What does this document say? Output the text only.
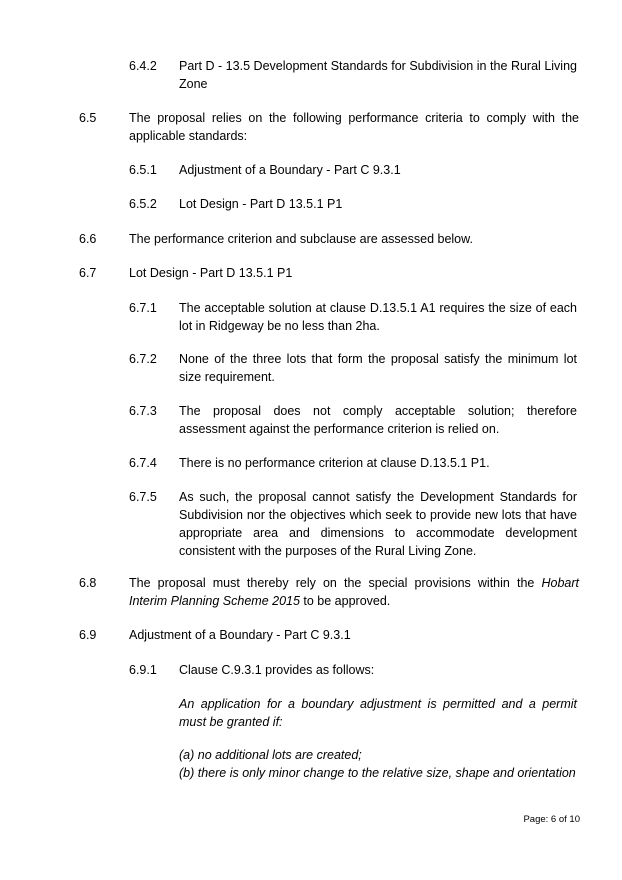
6.4.2 Part D - 13.5 Development Standards for Subdivision in the Rural Living Zone
6.5	The proposal relies on the following performance criteria to comply with the applicable standards:
6.5.1 Adjustment of a Boundary - Part C 9.3.1
6.5.2 Lot Design - Part D 13.5.1 P1
6.6	The performance criterion and subclause are assessed below.
6.7	Lot Design - Part D 13.5.1 P1
6.7.1 The acceptable solution at clause D.13.5.1 A1 requires the size of each lot in Ridgeway be no less than 2ha.
6.7.2 None of the three lots that form the proposal satisfy the minimum lot size requirement.
6.7.3 The proposal does not comply acceptable solution; therefore assessment against the performance criterion is relied on.
6.7.4 There is no performance criterion at clause D.13.5.1 P1.
6.7.5 As such, the proposal cannot satisfy the Development Standards for Subdivision nor the objectives which seek to provide new lots that have appropriate area and dimensions to accommodate development consistent with the purposes of the Rural Living Zone.
6.8	The proposal must thereby rely on the special provisions within the Hobart Interim Planning Scheme 2015 to be approved.
6.9	Adjustment of a Boundary - Part C 9.3.1
6.9.1 Clause C.9.3.1 provides as follows:
An application for a boundary adjustment is permitted and a permit must be granted if:
(a) no additional lots are created;
(b) there is only minor change to the relative size, shape and orientation
Page: 6 of 10
